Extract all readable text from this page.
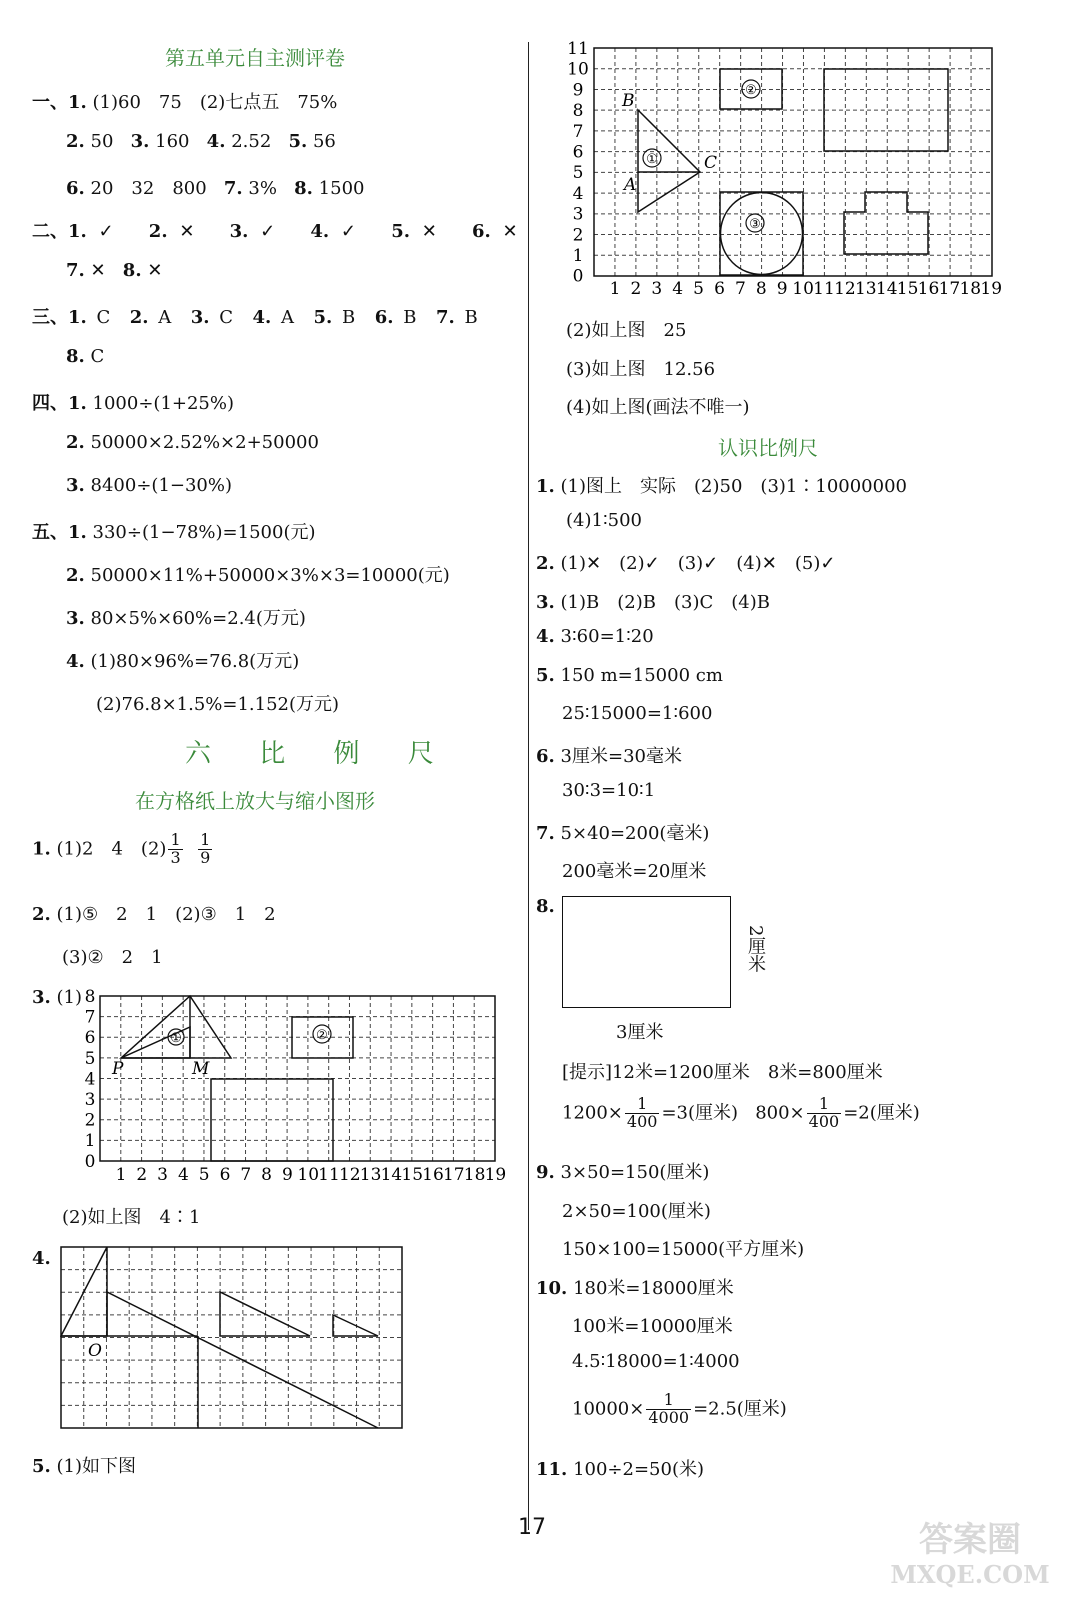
第五单元自主测评卷
一、1. (1)60　75　(2)七点五　75%
2. 50 3. 160 4. 2.52 5. 56
6. 20　32　800 7. 3% 8. 1500
二、1. ✓ 2. ✕ 3. ✓ 4. ✓ 5. ✕ 6. ✕
7. ✕ 8. ✕
三、1. C 2. A 3. C 4. A 5. B 6. B 7. B
8. C
四、1. 1000÷(1+25%)
2. 50000×2.52%×2+50000
3. 8400÷(1−30%)
五、1. 330÷(1−78%)=1500(元)
2. 50000×11%+50000×3%×3=10000(元)
3. 80×5%×60%=2.4(万元)
4. (1)80×96%=76.8(万元)
(2)76.8×1.5%=1.152(万元)
六 比 例 尺
在方格纸上放大与缩小图形
1. (1)2　4　$(2) \frac{1}{3}$
$\frac{1}{9}$
2. (1)⑤　2　1　(2)③　1　2
(3)②　2　1
3. (1) 8
7
6
5
4
3
2
1
0
1 2 3 4 5 6 7 8 9 10 11 12 13 14 15 16 17 18 19
①
P	M
②
(2)如上图　4∶1
4.
O
5. (1)如下图
11
10
9
8
7
6
5
4
3
2
1
0
1 2 3 4 5 6 7 8 9 10 11 12 13 14 15 16 17 18 19
①
B
A
C
②
③
(2)如上图　25
(3)如上图　12.56
(4)如上图(画法不唯一)
认识比例尺
1. (1)图上　实际　(2)50　(3)1∶10000000
(4)1∶500
2. (1)✕　(2)✓　(3)✓　(4)✕　(5)✓
3. (1)B　(2)B　(3)C　(4)B
4. 3∶60=1∶20
5. 150 m=15000 cm
25∶15000=1∶600
6. 3厘米=30毫米
30∶3=10∶1
7. 5×40=200(毫米)
200毫米=20厘米
8.
2厘米
3厘米
[提示]12米=1200厘米　8米=800厘米
$1200\times \frac{1}{400} =3$(厘米) $800\times \frac{1}{400} =2$(厘米)
9. 3×50=150(厘米)
2×50=100(厘米)
150×100=15000(平方厘米)
10. 180米=18000厘米
100米=10000厘米
4.5∶18000=1∶4000
$10000\times \frac{1}{4000} =2.5$(厘米)
11. 100÷2=50(米)
17	答案圈
MXQE.COM
